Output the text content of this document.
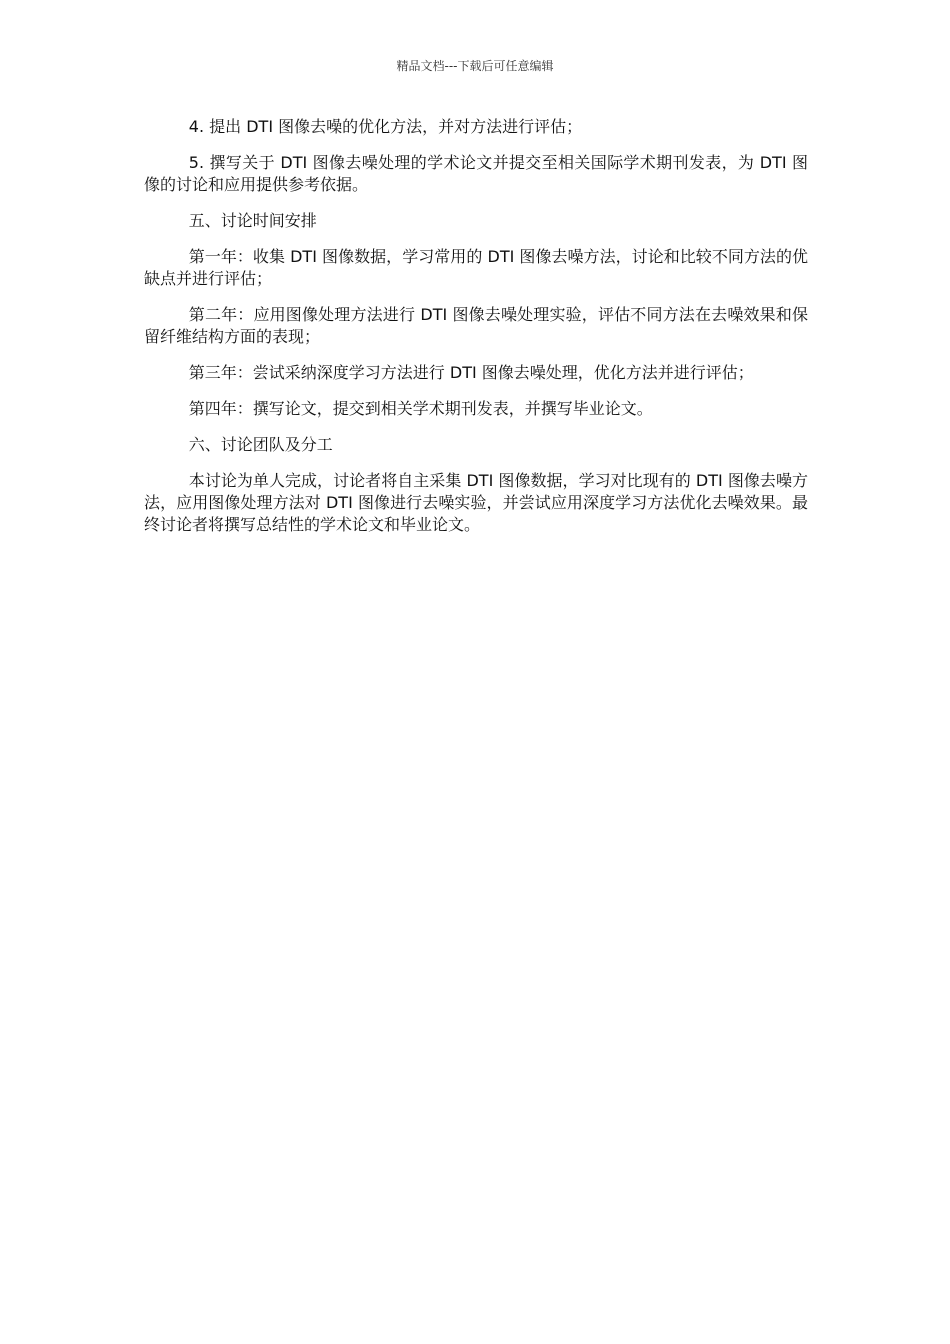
精品文档---下载后可任意编辑

4. 提出 DTI 图像去噪的优化方法，并对方法进行评估；

5. 撰写关于 DTI 图像去噪处理的学术论文并提交至相关国际学术期刊发表，为 DTI 图像的讨论和应用提供参考依据。

五、讨论时间安排

第一年：收集 DTI 图像数据，学习常用的 DTI 图像去噪方法，讨论和比较不同方法的优缺点并进行评估；

第二年：应用图像处理方法进行 DTI 图像去噪处理实验，评估不同方法在去噪效果和保留纤维结构方面的表现；

第三年：尝试采纳深度学习方法进行 DTI 图像去噪处理，优化方法并进行评估；

第四年：撰写论文，提交到相关学术期刊发表，并撰写毕业论文。

六、讨论团队及分工

本讨论为单人完成，讨论者将自主采集 DTI 图像数据，学习对比现有的 DTI 图像去噪方法，应用图像处理方法对 DTI 图像进行去噪实验，并尝试应用深度学习方法优化去噪效果。最终讨论者将撰写总结性的学术论文和毕业论文。
